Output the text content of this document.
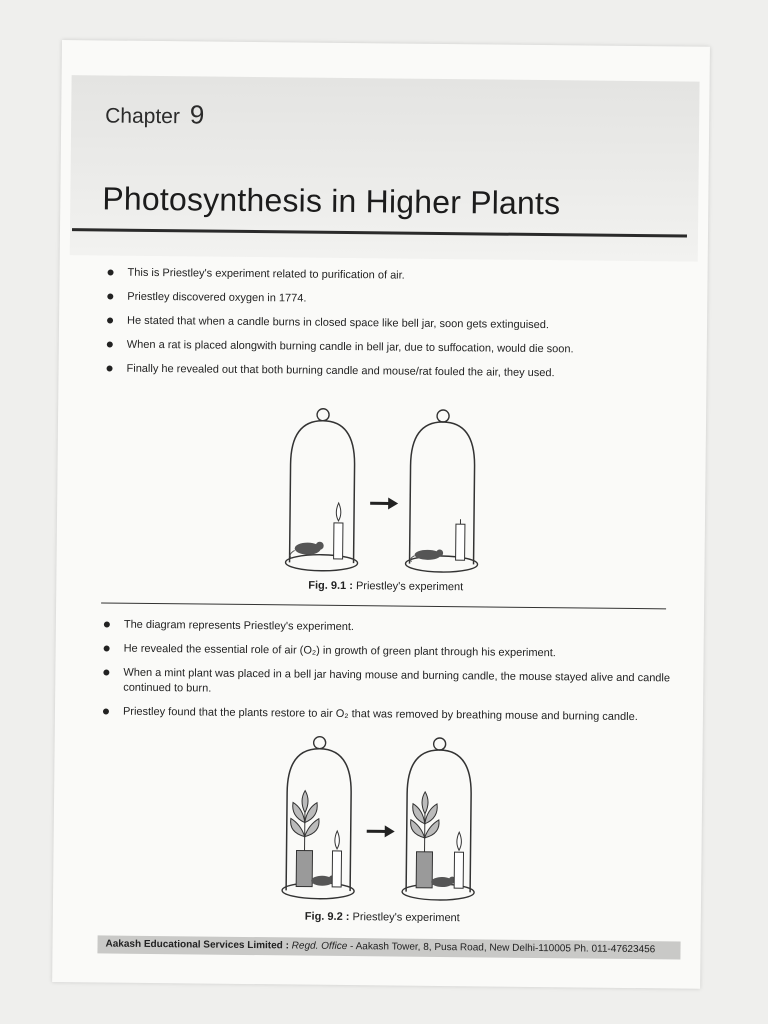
Chapter 9
Photosynthesis in Higher Plants
This is Priestley's experiment related to purification of air.
Priestley discovered oxygen in 1774.
He stated that when a candle burns in closed space like bell jar, soon gets extinguised.
When a rat is placed alongwith burning candle in bell jar, due to suffocation, would die soon.
Finally he revealed out that both burning candle and mouse/rat fouled the air, they used.
Fig. 9.1 : Priestley's experiment
The diagram represents Priestley's experiment.
He revealed the essential role of air (O₂) in growth of green plant through his experiment.
When a mint plant was placed in a bell jar having mouse and burning candle, the mouse stayed alive and candle continued to burn.
Priestley found that the plants restore to air O₂ that was removed by breathing mouse and burning candle.
Fig. 9.2 : Priestley's experiment
Aakash Educational Services Limited : Regd. Office - Aakash Tower, 8, Pusa Road, New Delhi-110005 Ph. 011-47623456
